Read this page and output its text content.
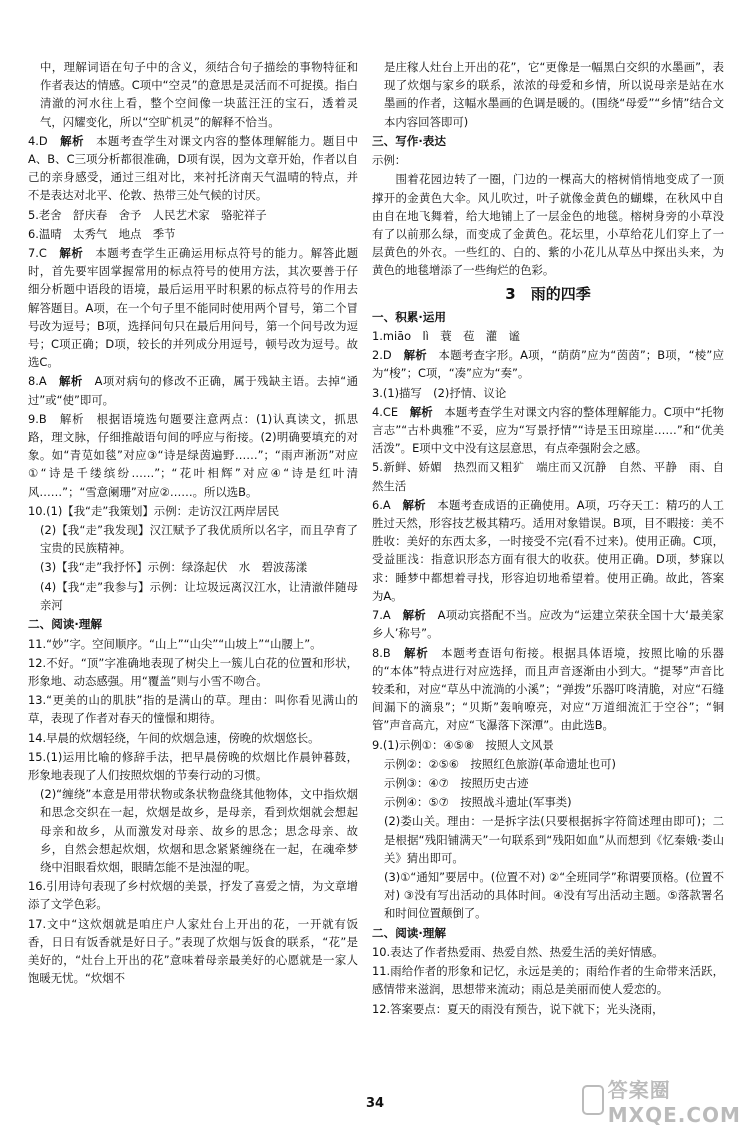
中，理解词语在句子中的含义，须结合句子描绘的事物特征和作者表达的情感。C项中“空灵”的意思是灵活而不可捉摸。指白清澈的河水往上看，整个空间像一块蓝汪汪的宝石，透着灵气，闪耀变化，所以“空旷机灵”的解释不恰当。
4.D　 解析　 本题考查学生对课文内容的整体理解能力。题目中A、B、C三项分析都很准确，D项有误，因为文章开始，作者以自己的亲身感受，通过三组对比，来衬托济南天气温晴的特点，并不是表达对北平、伦敦、热带三处气候的讨厌。
5.老舍　舒庆春　舍予　人民艺术家　骆驼祥子
6.温晴　太秀气　地点　季节
7.C　 解析　 本题考查学生正确运用标点符号的能力。解答此题时，首先要牢固掌握常用的标点符号的使用方法，其次要善于仔细分析题中语段的语境，最后运用平时积累的标点符号的作用去解答题目。A项，在一个句子里不能同时使用两个冒号，第二个冒号改为逗号；B项，选择问句只在最后用问号，第一个问号改为逗号；C项正确；D项，较长的并列成分用逗号，顿号改为逗号。故选C。
8.A　 解析　 A项对病句的修改不正确，属于残缺主语。去掉“通过”或“使”即可。
9.B　解析　根据语境选句题要注意两点：(1)认真读文，抓思路，理文脉，仔细推敲语句间的呼应与衔接。(2)明确要填充的对象。如“青苋如毯”对应③“诗是绿茵遍野……”；“雨声淅沥”对应①“诗是千缕缤纷……”；“花叶相辉”对应④“诗是红叶清风……”；“雪意阑珊”对应②……。所以选B。
10.(1)【我“走”我策划】示例：走访汉江两岸居民
(2)【我“走”我发现】汉江赋予了我优质所以名字，而且孕育了宝贵的民族精神。
(3)【我“走”我抒怀】示例：绿涤起伏　水　碧波荡漾
(4)【我“走”我参与】示例：让垃圾远离汉江水，让清澈伴随母亲河
二、阅读·理解
11.“妙”字。空间顺序。“山上”“山尖”“山坡上”“山腰上”。
12.不好。“顶”字准确地表现了树尖上一簇儿白花的位置和形状，形象地、动态感强。用“覆盖”则与小雪不吻合。
13.“更美的山的肌肤”指的是满山的草。理由：叫你看见满山的草，表现了作者对春天的憧憬和期待。
14.早晨的炊烟轻绕，午间的炊烟急速，傍晚的炊烟悠长。
15.(1)运用比喻的修辞手法，把早晨傍晚的炊烟比作晨钟暮鼓，形象地表现了人们按照炊烟的节奏行动的习惯。
(2)“缠绕”本意是用带状物或条状物盘绕其他物体，文中指炊烟和思念交织在一起，炊烟是故乡，是母亲，看到炊烟就会想起母亲和故乡，从而激发对母亲、故乡的思念；思念母亲、故乡，自然会想起炊烟，炊烟和思念紧紧缠绕在一起，在魂牵梦绕中泪眼看炊烟，眼睛怎能不是浊湿的呢。
16.引用诗句表现了乡村炊烟的美景，抒发了喜爱之情，为文章增添了文学色彩。
17.文中“这炊烟就是咱庄户人家灶台上开出的花，一开就有饭香，日日有饭香就是好日子。”表现了炊烟与饭食的联系，“花”是美好的，“灶台上开出的花”意味着母亲最美好的心愿就是一家人饱暖无忧。“炊烟不
是庄稼人灶台上开出的花”，它“更像是一幅黑白交织的水墨画”，表现了炊烟与家乡的联系，浓浓的母爱和乡情，所以说母亲是站在水墨画的作者，这幅水墨画的色调是暖的。(围绕“母爱”“乡情”结合文本内容回答即可)
三、写作·表达
示例：
　　围着花园边转了一圈，门边的一棵高大的榕树悄悄地变成了一顶撑开的金黄色大伞。风儿吹过，叶子就像金黄色的蝴蝶，在秋风中自由自在地飞舞着，给大地铺上了一层金色的地毯。榕树身旁的小草没有了以前那么绿，而变成了金黄色。花坛里，小草给花儿们穿上了一层黄色的外衣。一些红的、白的、紫的小花儿从草丛中探出头来，为黄色的地毯增添了一些绚烂的色彩。
3　雨的四季
一、积累·运用
1.miāo　lì　蓑　苞　灌　谧
2.D　 解析　 本题考查字形。A项，“荫荫”应为“茵茵”；B项，“棱”应为“梭”；C项，“凑”应为“奏”。
3.(1)描写　(2)抒情、议论
4.CE　 解析　 本题考查学生对课文内容的整体理解能力。C项中“托物言志”“古朴典雅”不妥，应为“写景抒情”“诗是玉田琼崖……”和“优美活泼”。E项中文中没有这层意思，有点牵强附会之感。
5.新鲜、娇媚　热烈而又粗犷　端庄而又沉静　自然、平静　雨、自然生活
6.A　 解析　 本题考查成语的正确使用。A项，巧夺天工：精巧的人工胜过天然，形容技艺极其精巧。适用对象错误。B项，目不暇接：美不胜收：美好的东西太多，一时接受不完(看不过来)。使用正确。C项，受益匪浅：指意识形态方面有很大的收获。使用正确。D项，梦寐以求：睡梦中都想着寻找，形容迫切地希望着。使用正确。故此，答案为A。
7.A　 解析　 A项动宾搭配不当。应改为“运建立荣获全国十大‘最美家乡人’称号”。
8.B　 解析　 本题考查语句衔接。根据具体语境，按照比喻的乐器的“本体”特点进行对应选择，而且声音逐渐由小到大。“提琴”声音比较柔和，对应“草丛中流淌的小溪”；“弹拨”乐器叮咚清脆，对应“石缝间漏下的滴泉”；“贝斯”轰响嘹亮，对应“万道细流汇于空谷”；“铜管”声音高亢，对应“飞瀑落下深潭”。由此选B。
9.(1)示例①：④⑤⑧　按照人文风景
示例②：②⑤⑥　按照红色旅游(革命遗址也可)
示例③：④⑦　按照历史古迹
示例④：⑤⑦　按照战斗遗址(军事类)
(2)娄山关。理由：一是拆字法(只要根据拆字符简述理由即可)；二是根据“残阳铺满天”一句联系到“残阳如血”从而想到《忆秦娥·娄山关》猜出即可。
(3)①“通知”要居中。(位置不对) ②“全班同学”称谓要顶格。(位置不对) ③没有写出活动的具体时间。④没有写出活动主题。⑤落款署名和时间位置颠倒了。
二、阅读·理解
10.表达了作者热爱雨、热爱自然、热爱生活的美好情感。
11.雨给作者的形象和记忆，永远是美的；雨给作者的生命带来活跃，感情带来滋润，思想带来流动；雨总是美丽而使人爱恋的。
12.答案要点：夏天的雨没有预告，说下就下；光头浇雨，
34
答案圈MXQE.COM
